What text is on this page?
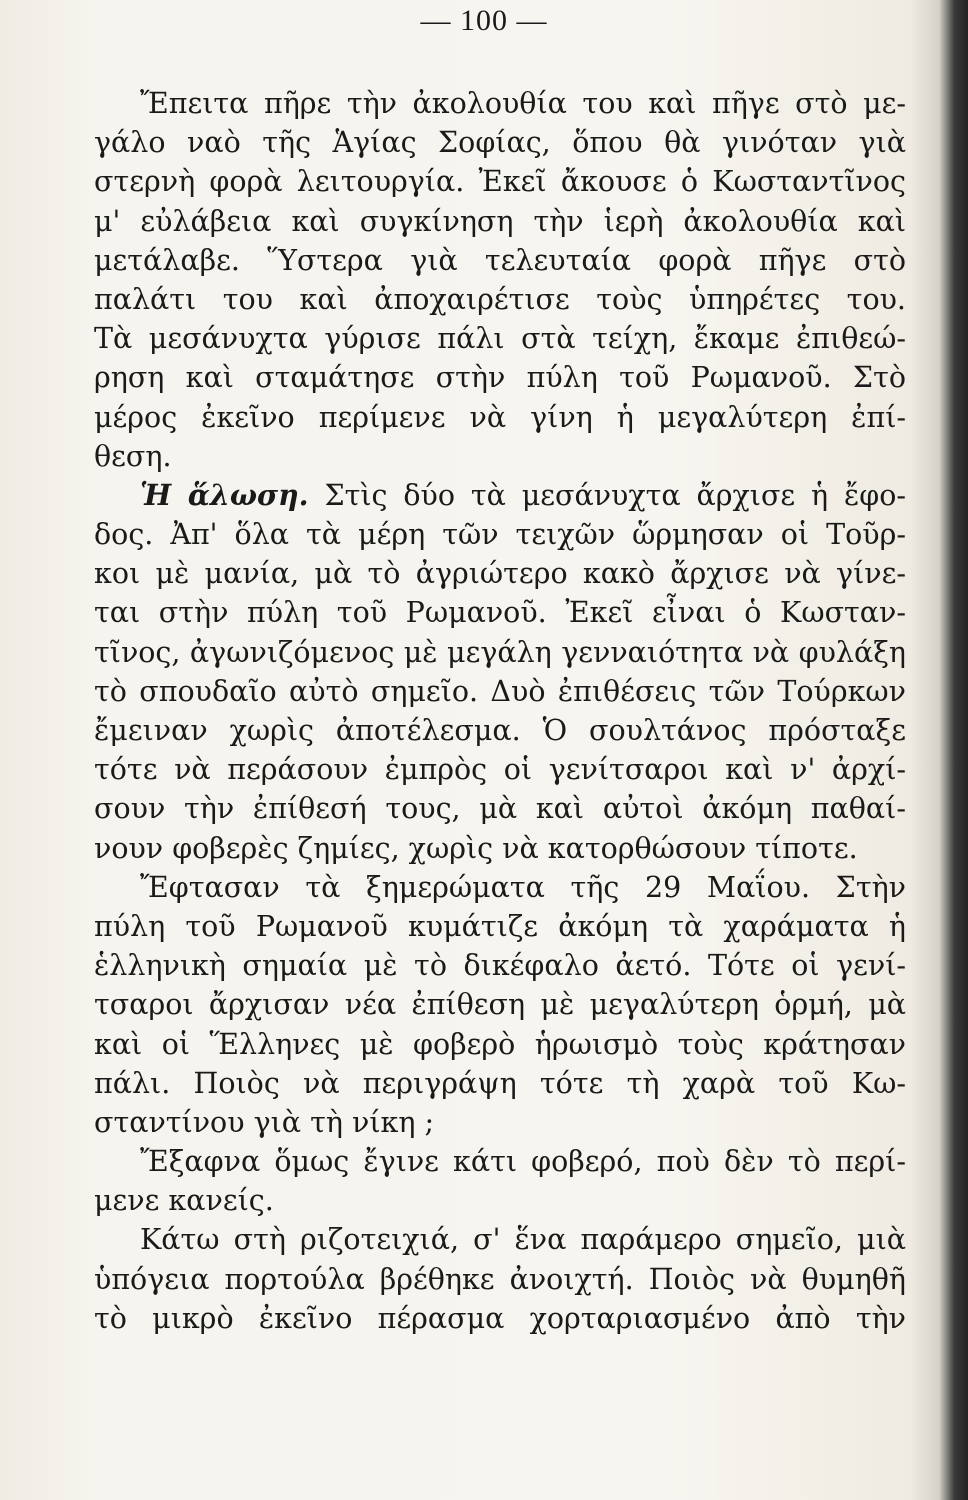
— 100 —
Ἔπειτα πῆρε τὴν ἀκολουθία του καὶ πῆγε στὸ με-
γάλο ναὸ τῆς Ἁγίας Σοφίας, ὅπου θὰ γινόταν γιὰ
στερνὴ φορὰ λειτουργία. Ἐκεῖ ἄκουσε ὁ Κωσταντῖνος
μ' εὐλάβεια καὶ συγκίνηση τὴν ἱερὴ ἀκολουθία καὶ
μετάλαβε. Ὕστερα γιὰ τελευταία φορὰ πῆγε στὸ
παλάτι του καὶ ἀποχαιρέτισε τοὺς ὑπηρέτες του.
Τὰ μεσάνυχτα γύρισε πάλι στὰ τείχη, ἔκαμε ἐπιθεώ-
ρηση καὶ σταμάτησε στὴν πύλη τοῦ Ρωμανοῦ. Στὸ
μέρος ἐκεῖνο περίμενε νὰ γίνη ἡ μεγαλύτερη ἐπί-
θεση.
Ἡ ἅλωση. Στὶς δύο τὰ μεσάνυχτα ἄρχισε ἡ ἔφο-
δος. Ἀπ' ὅλα τὰ μέρη τῶν τειχῶν ὥρμησαν οἱ Τοῦρ-
κοι μὲ μανία, μὰ τὸ ἀγριώτερο κακὸ ἄρχισε νὰ γίνε-
ται στὴν πύλη τοῦ Ρωμανοῦ. Ἐκεῖ εἶναι ὁ Κωσταν-
τῖνος, ἀγωνιζόμενος μὲ μεγάλη γενναιότητα νὰ φυλάξη
τὸ σπουδαῖο αὐτὸ σημεῖο. Δυὸ ἐπιθέσεις τῶν Τούρκων
ἔμειναν χωρὶς ἀποτέλεσμα. Ὁ σουλτάνος πρόσταξε
τότε νὰ περάσουν ἐμπρὸς οἱ γενίτσαροι καὶ ν' ἀρχί-
σουν τὴν ἐπίθεσή τους, μὰ καὶ αὐτοὶ ἀκόμη παθαί-
νουν φοβερὲς ζημίες, χωρὶς νὰ κατορθώσουν τίποτε.
Ἔφτασαν τὰ ξημερώματα τῆς 29 Μαΐου. Στὴν
πύλη τοῦ Ρωμανοῦ κυμάτιζε ἀκόμη τὰ χαράματα ἡ
ἑλληνικὴ σημαία μὲ τὸ δικέφαλο ἀετό. Τότε οἱ γενί-
τσαροι ἄρχισαν νέα ἐπίθεση μὲ μεγαλύτερη ὁρμή, μὰ
καὶ οἱ Ἕλληνες μὲ φοβερὸ ἡρωισμὸ τοὺς κράτησαν
πάλι. Ποιὸς νὰ περιγράψη τότε τὴ χαρὰ τοῦ Κω-
σταντίνου γιὰ τὴ νίκη ;
Ἔξαφνα ὅμως ἔγινε κάτι φοβερό, ποὺ δὲν τὸ περί-
μενε κανείς.
Κάτω στὴ ριζοτειχιά, σ' ἕνα παράμερο σημεῖο, μιὰ
ὑπόγεια πορτούλα βρέθηκε ἀνοιχτή. Ποιὸς νὰ θυμηθῆ
τὸ μικρὸ ἐκεῖνο πέρασμα χορταριασμένο ἀπὸ τὴν
